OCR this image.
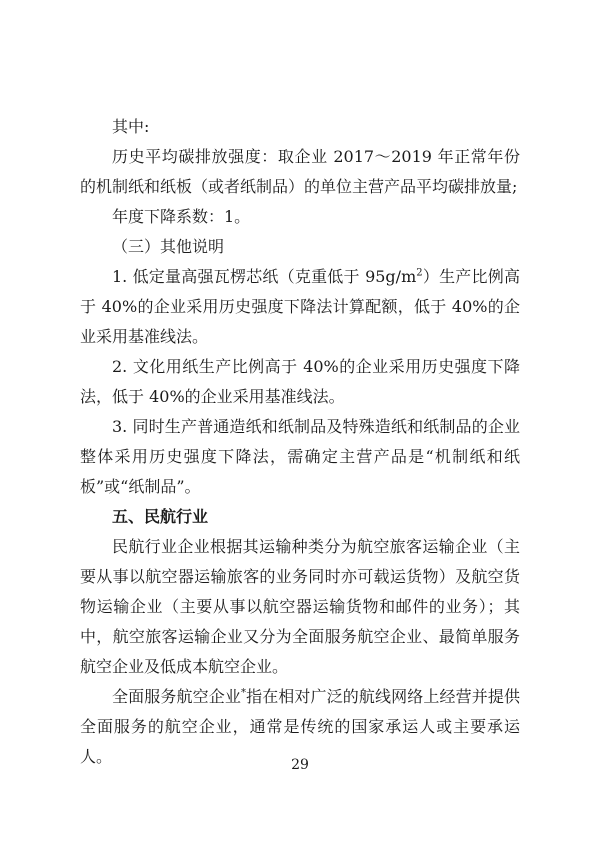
其中:

历史平均碳排放强度：取企业 2017～2019 年正常年份的机制纸和纸板（或者纸制品）的单位主营产品平均碳排放量;

年度下降系数：1。

（三）其他说明

1. 低定量高强瓦楞芯纸（克重低于 $95g/m^2$）生产比例高于 40%的企业采用历史强度下降法计算配额，低于 40%的企业采用基准线法。

2. 文化用纸生产比例高于 40%的企业采用历史强度下降法，低于 40%的企业采用基准线法。

3. 同时生产普通造纸和纸制品及特殊造纸和纸制品的企业整体采用历史强度下降法，需确定主营产品是“机制纸和纸板”或“纸制品”。

五、民航行业

民航行业企业根据其运输种类分为航空旅客运输企业（主要从事以航空器运输旅客的业务同时亦可载运货物）及航空货物运输企业（主要从事以航空器运输货物和邮件的业务）；其中，航空旅客运输企业又分为全面服务航空企业、最简单服务航空企业及低成本航空企业。

全面服务航空企业*指在相对广泛的航线网络上经营并提供全面服务的航空企业，通常是传统的国家承运人或主要承运人。	29
